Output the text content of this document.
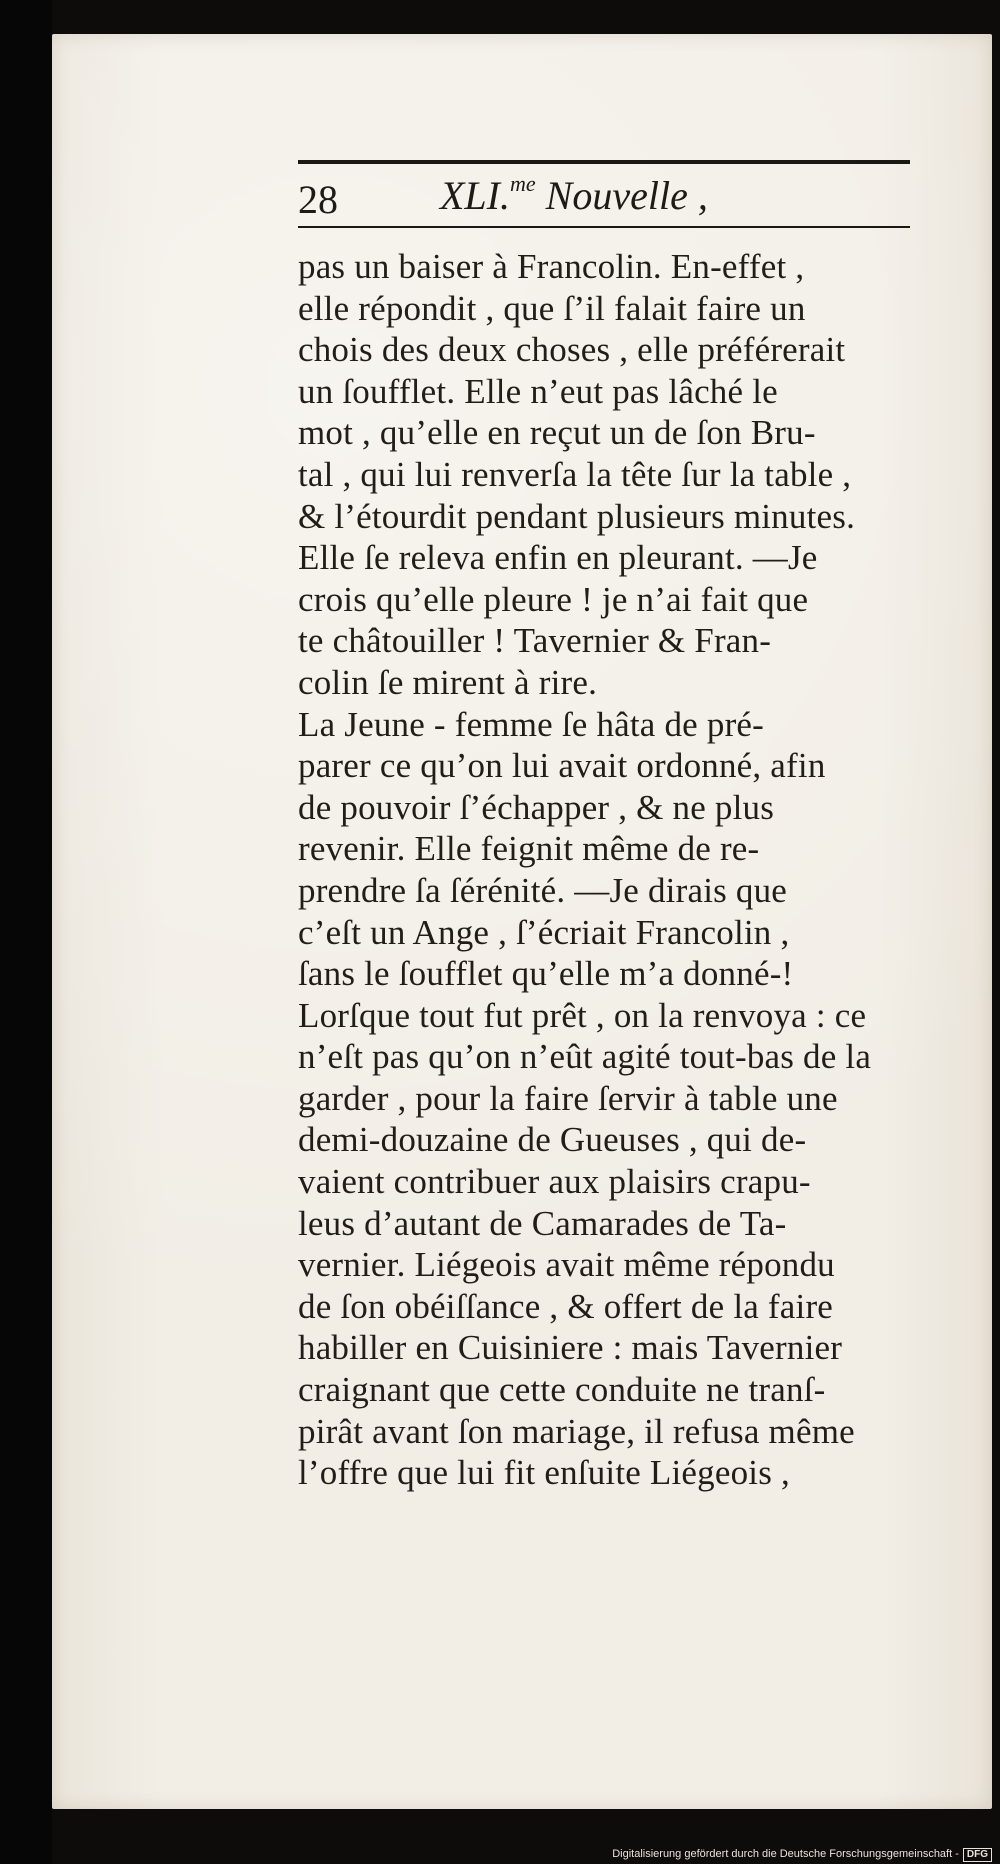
28	XLI.$^{me}$ Nouvelle ,
pas un baiser à Francolin. En-effet ,
elle répondit , que ſ’il falait faire un
chois des deux choses , elle préférerait
un ſoufflet. Elle n’eut pas lâché le
mot , qu’elle en reçut un de ſon Bru-
tal , qui lui renverſa la tête ſur la table ,
& l’étourdit pendant plusieurs minutes.
Elle ſe releva enfin en pleurant. —Je
crois qu’elle pleure ! je n’ai fait que
te châtouiller ! Tavernier & Fran-
colin ſe mirent à rire.
La Jeune - femme ſe hâta de pré-
parer ce qu’on lui avait ordonné, afin
de pouvoir ſ’échapper , & ne plus
revenir. Elle feignit même de re-
prendre ſa ſérénité. —Je dirais que
c’eſt un Ange , ſ’écriait Francolin ,
ſans le ſoufflet qu’elle m’a donné-!
Lorſque tout fut prêt , on la renvoya : ce
n’eſt pas qu’on n’eût agité tout-bas de la
garder , pour la faire ſervir à table une
demi-douzaine de Gueuses , qui de-
vaient contribuer aux plaisirs crapu-
leus d’autant de Camarades de Ta-
vernier. Liégeois avait même répondu
de ſon obéiſſance , & offert de la faire
habiller en Cuisiniere : mais Tavernier
craignant que cette conduite ne tranſ-
pirât avant ſon mariage, il refusa même
l’offre que lui fit enſuite Liégeois ,
Digitalisierung gefördert durch die Deutsche Forschungsgemeinschaft - DFG
